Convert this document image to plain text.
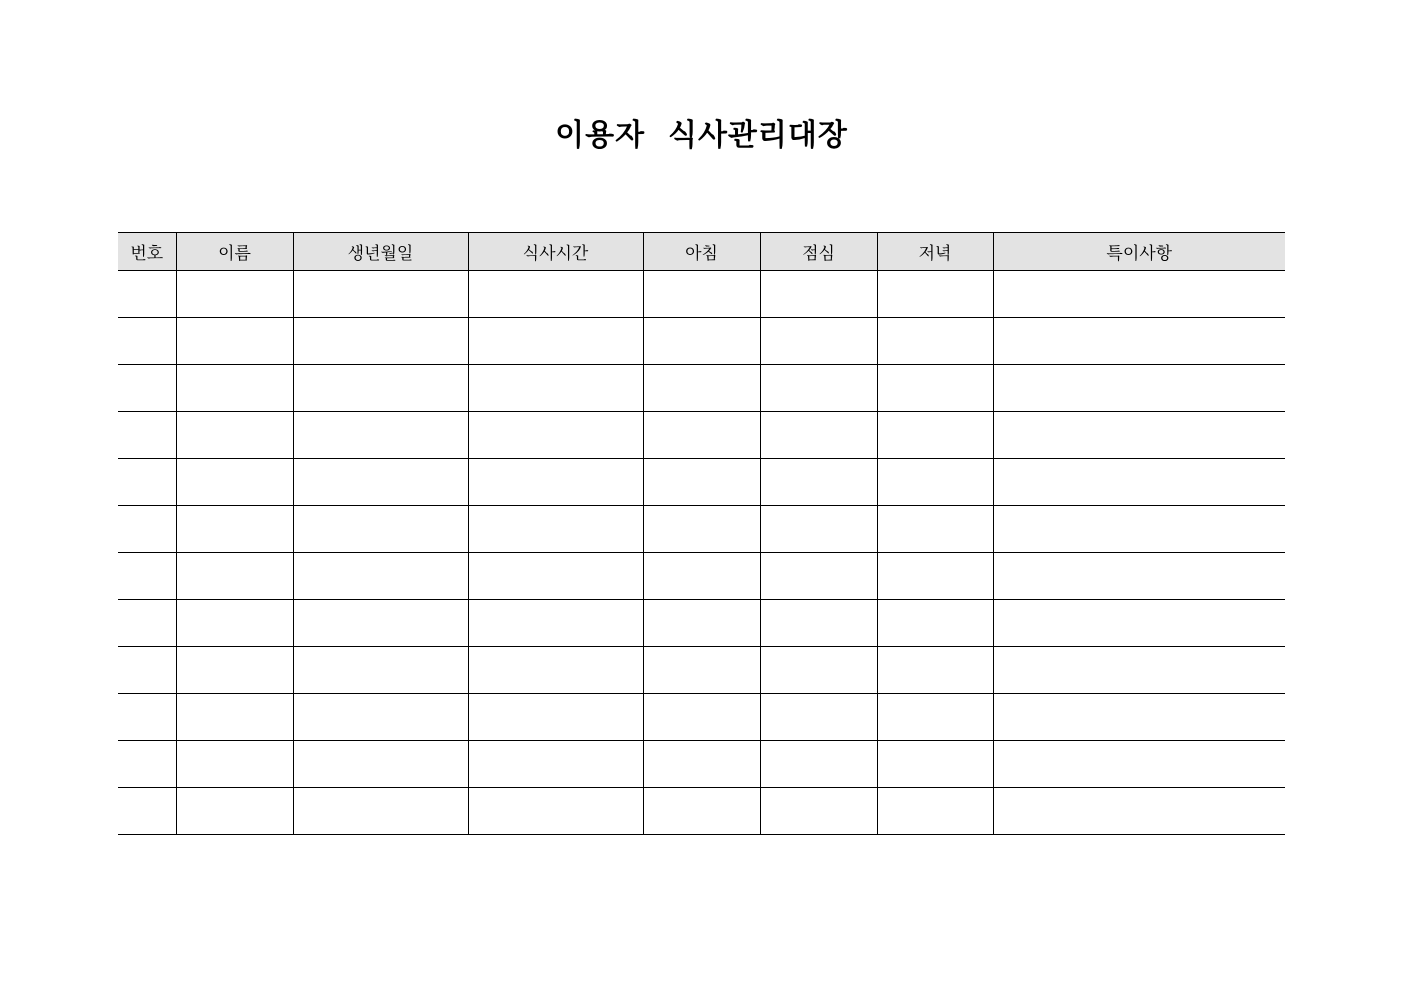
이용자  식사관리대장
번호	이름	생년월일	식사시간	아침	점심	저녁	특이사항
